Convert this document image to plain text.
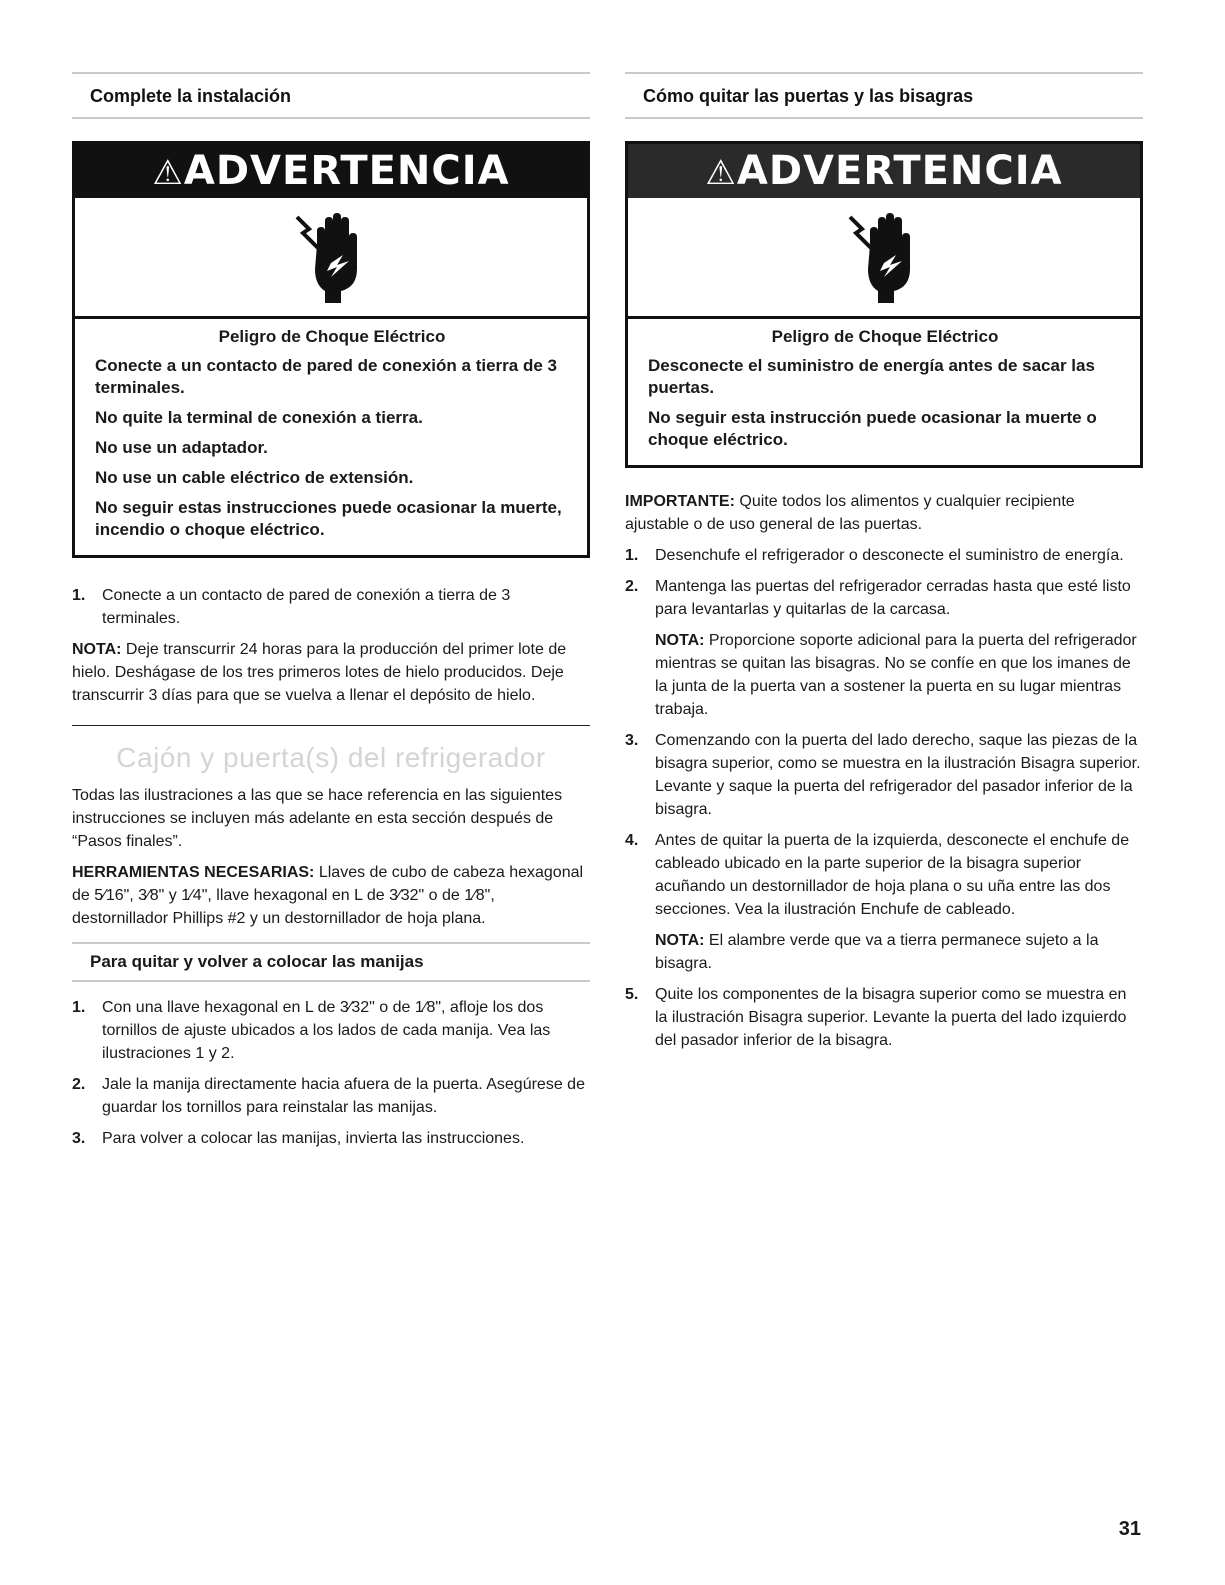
Complete la instalación
⚠ADVERTENCIA
Peligro de Choque Eléctrico

Conecte a un contacto de pared de conexión a tierra de 3 terminales.

No quite la terminal de conexión a tierra.

No use un adaptador.

No use un cable eléctrico de extensión.

No seguir estas instrucciones puede ocasionar la muerte, incendio o choque eléctrico.

1. Conecte a un contacto de pared de conexión a tierra de 3 terminales.

NOTA: Deje transcurrir 24 horas para la producción del primer lote de hielo. Deshágase de los tres primeros lotes de hielo producidos. Deje transcurrir 3 días para que se vuelva a llenar el depósito de hielo.

Cajón y puerta(s) del refrigerador

Todas las ilustraciones a las que se hace referencia en las siguientes instrucciones se incluyen más adelante en esta sección después de “Pasos finales”.

HERRAMIENTAS NECESARIAS: Llaves de cubo de cabeza hexagonal de 5⁄16", 3⁄8" y 1⁄4", llave hexagonal en L de 3⁄32" o de 1⁄8", destornillador Phillips #2 y un destornillador de hoja plana.

Para quitar y volver a colocar las manijas
1. Con una llave hexagonal en L de 3⁄32" o de 1⁄8", afloje los dos tornillos de ajuste ubicados a los lados de cada manija. Vea las ilustraciones 1 y 2.
2. Jale la manija directamente hacia afuera de la puerta. Asegúrese de guardar los tornillos para reinstalar las manijas.
3. Para volver a colocar las manijas, invierta las instrucciones.
Cómo quitar las puertas y las bisagras
⚠ADVERTENCIA
Peligro de Choque Eléctrico

Desconecte el suministro de energía antes de sacar las puertas.

No seguir esta instrucción puede ocasionar la muerte o choque eléctrico.

IMPORTANTE: Quite todos los alimentos y cualquier recipiente ajustable o de uso general de las puertas.

1. Desenchufe el refrigerador o desconecte el suministro de energía.
2. Mantenga las puertas del refrigerador cerradas hasta que esté listo para levantarlas y quitarlas de la carcasa.

NOTA: Proporcione soporte adicional para la puerta del refrigerador mientras se quitan las bisagras. No se confíe en que los imanes de la junta de la puerta van a sostener la puerta en su lugar mientras trabaja.

3. Comenzando con la puerta del lado derecho, saque las piezas de la bisagra superior, como se muestra en la ilustración Bisagra superior. Levante y saque la puerta del refrigerador del pasador inferior de la bisagra.
4. Antes de quitar la puerta de la izquierda, desconecte el enchufe de cableado ubicado en la parte superior de la bisagra superior acuñando un destornillador de hoja plana o su uña entre las dos secciones. Vea la ilustración Enchufe de cableado.

NOTA: El alambre verde que va a tierra permanece sujeto a la bisagra.

5. Quite los componentes de la bisagra superior como se muestra en la ilustración Bisagra superior. Levante la puerta del lado izquierdo del pasador inferior de la bisagra.
31
